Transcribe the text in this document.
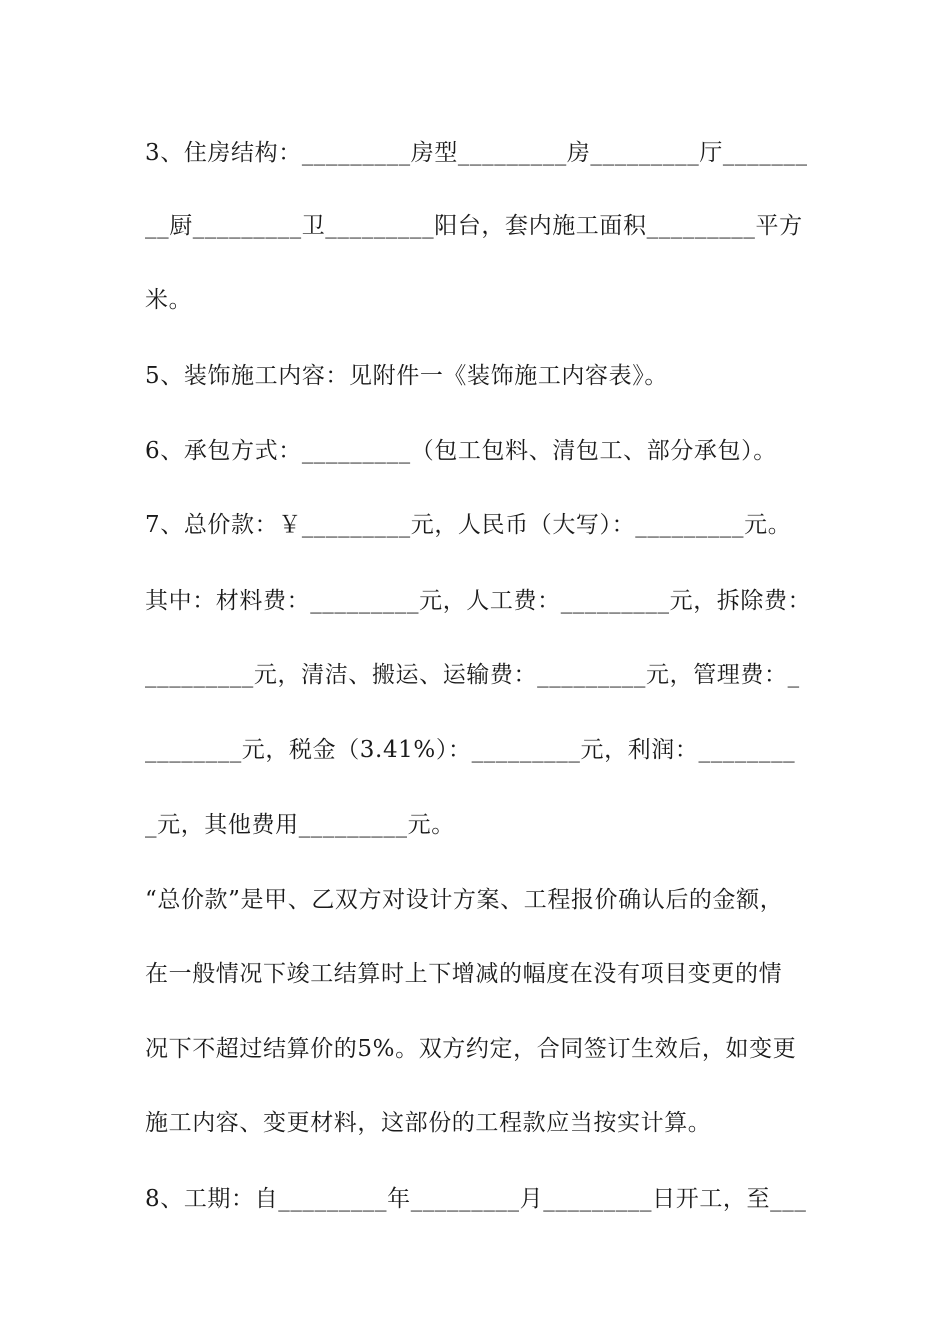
3、住房结构：_________房型_________房_________厅_______
__厨_________卫_________阳台，套内施工面积_________平方
米。
5、装饰施工内容：见附件一《装饰施工内容表》。
6、承包方式：_________（包工包料、清包工、部分承包）。
7、总价款：￥_________元，人民币（大写）：_________元。
其中：材料费：_________元，人工费：_________元，拆除费：
_________元，清洁、搬运、运输费：_________元，管理费：_
________元，税金（3.41%）：_________元，利润：________
_元，其他费用_________元。
“总价款”是甲、乙双方对设计方案、工程报价确认后的金额，
在一般情况下竣工结算时上下增减的幅度在没有项目变更的情
况下不超过结算价的5%。双方约定，合同签订生效后，如变更
施工内容、变更材料，这部份的工程款应当按实计算。
8、工期：自_________年_________月_________日开工，至___
